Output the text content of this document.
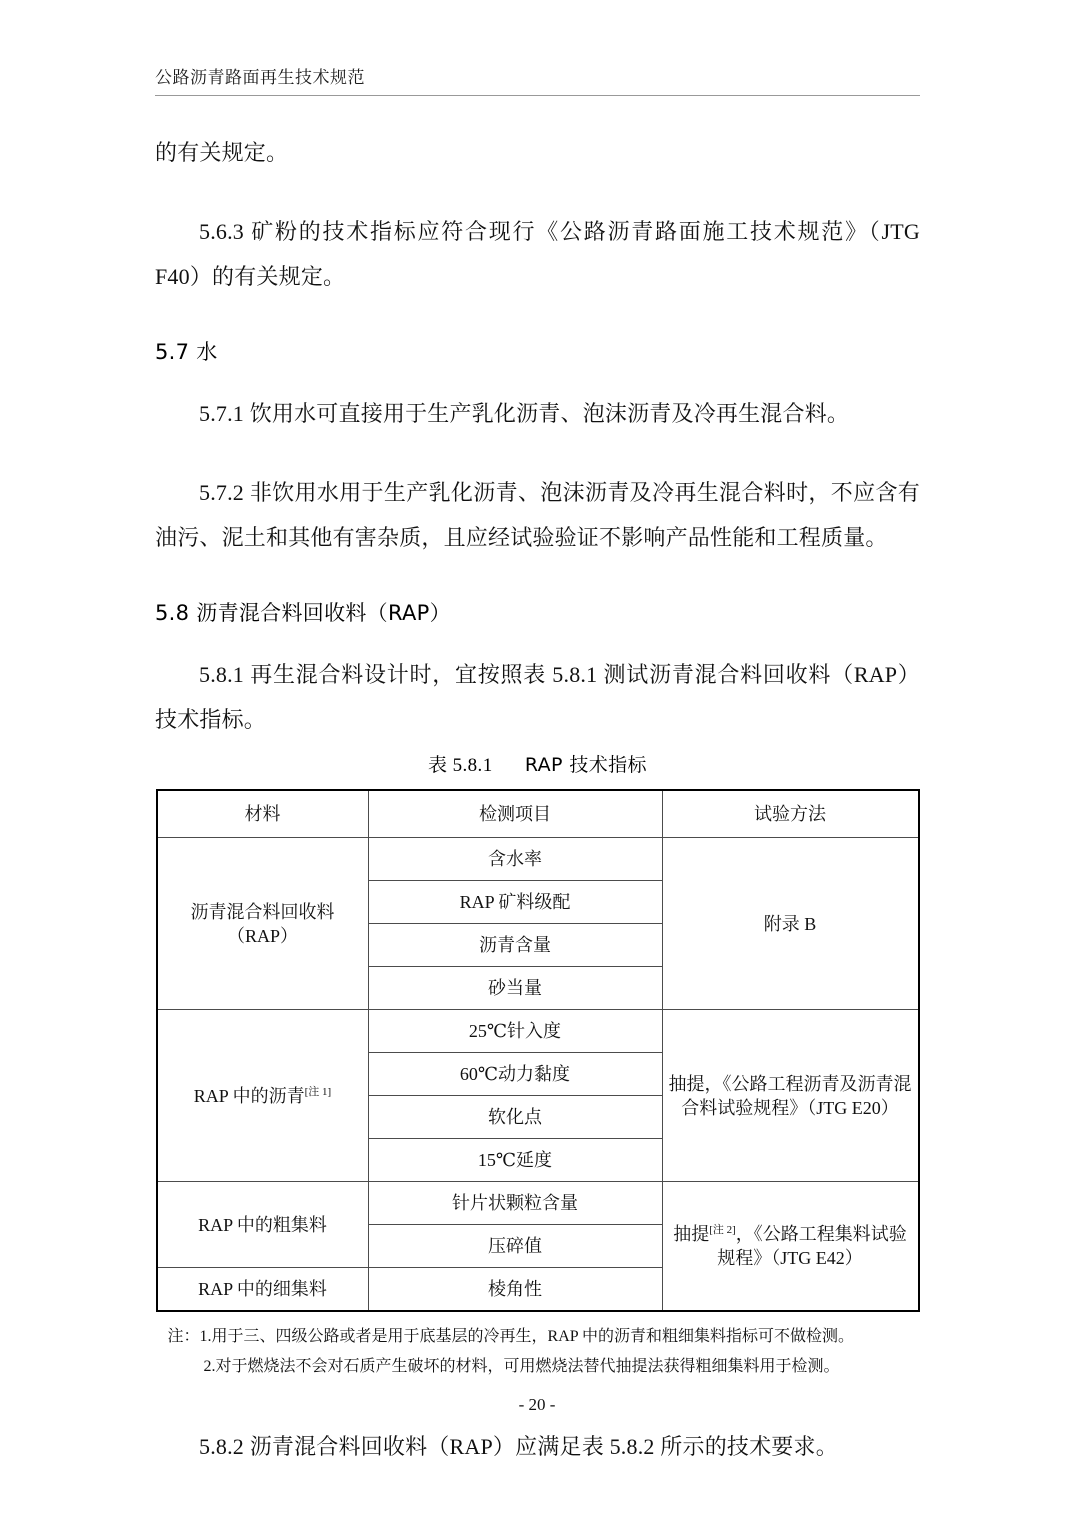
公路沥青路面再生技术规范
的有关规定。
5.6.3 矿粉的技术指标应符合现行《公路沥青路面施工技术规范》（JTG F40）的有关规定。
5.7 水
5.7.1 饮用水可直接用于生产乳化沥青、泡沫沥青及冷再生混合料。
5.7.2 非饮用水用于生产乳化沥青、泡沫沥青及冷再生混合料时，不应含有油污、泥土和其他有害杂质，且应经试验验证不影响产品性能和工程质量。
5.8 沥青混合料回收料（RAP）
5.8.1 再生混合料设计时，宜按照表 5.8.1 测试沥青混合料回收料（RAP）技术指标。
表 5.8.1 RAP 技术指标
材料	检测项目	试验方法
沥青混合料回收料（RAP）	含水率	附录 B
	RAP 矿料级配	
	沥青含量	
	砂当量	
RAP 中的沥青[注 1]	25℃针入度	抽提，《公路工程沥青及沥青混合料试验规程》（JTG E20）
	60℃动力黏度	
	软化点	
	15℃延度	
RAP 中的粗集料	针片状颗粒含量	抽提[注 2]，《公路工程集料试验规程》（JTG E42）
	压碎值	
RAP 中的细集料	棱角性	
注：1.用于三、四级公路或者是用于底基层的冷再生，RAP 中的沥青和粗细集料指标可不做检测。
2.对于燃烧法不会对石质产生破坏的材料，可用燃烧法替代抽提法获得粗细集料用于检测。
5.8.2 沥青混合料回收料（RAP）应满足表 5.8.2 所示的技术要求。
- 20 -
